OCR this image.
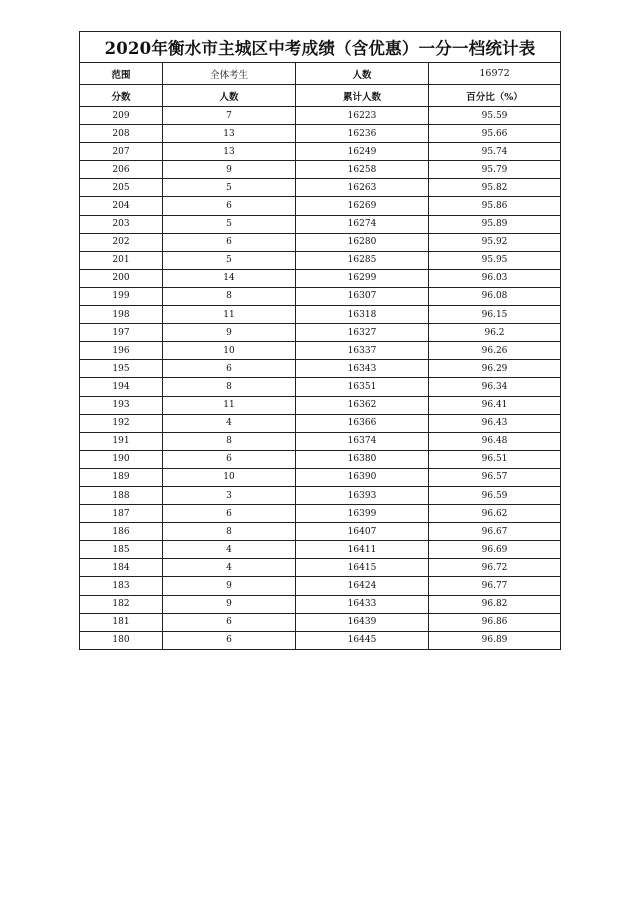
2020年衡水市主城区中考成绩（含优惠）一分一档统计表			
范围	全体考生	人数	16972
分数	人数	累计人数	百分比（%）
209	7	16223	95.59
208	13	16236	95.66
207	13	16249	95.74
206	9	16258	95.79
205	5	16263	95.82
204	6	16269	95.86
203	5	16274	95.89
202	6	16280	95.92
201	5	16285	95.95
200	14	16299	96.03
199	8	16307	96.08
198	11	16318	96.15
197	9	16327	96.2
196	10	16337	96.26
195	6	16343	96.29
194	8	16351	96.34
193	11	16362	96.41
192	4	16366	96.43
191	8	16374	96.48
190	6	16380	96.51
189	10	16390	96.57
188	3	16393	96.59
187	6	16399	96.62
186	8	16407	96.67
185	4	16411	96.69
184	4	16415	96.72
183	9	16424	96.77
182	9	16433	96.82
181	6	16439	96.86
180	6	16445	96.89
